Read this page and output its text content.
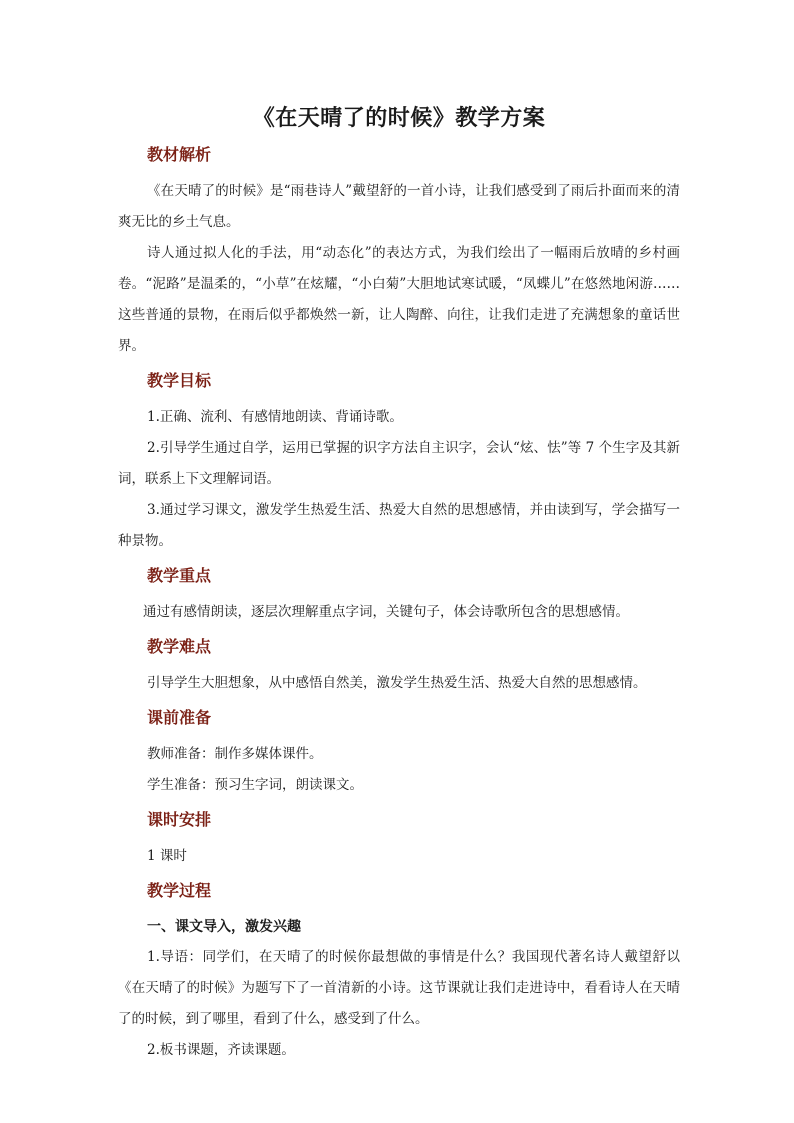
《在天晴了的时候》教学方案
教材解析

《在天晴了的时候》是“雨巷诗人”戴望舒的一首小诗，让我们感受到了雨后扑面而来的清爽无比的乡土气息。

诗人通过拟人化的手法，用“动态化”的表达方式，为我们绘出了一幅雨后放晴的乡村画卷。“泥路”是温柔的，“小草”在炫耀，“小白菊”大胆地试寒试暖，“凤蝶儿”在悠然地闲游……这些普通的景物，在雨后似乎都焕然一新，让人陶醉、向往，让我们走进了充满想象的童话世界。

教学目标

1.正确、流利、有感情地朗读、背诵诗歌。

2.引导学生通过自学，运用已掌握的识字方法自主识字，会认“炫、怯”等 7 个生字及其新词，联系上下文理解词语。

3.通过学习课文，激发学生热爱生活、热爱大自然的思想感情，并由读到写，学会描写一种景物。

教学重点

通过有感情朗读，逐层次理解重点字词，关键句子，体会诗歌所包含的思想感情。

教学难点

引导学生大胆想象，从中感悟自然美，激发学生热爱生活、热爱大自然的思想感情。

课前准备

教师准备：制作多媒体课件。

学生准备：预习生字词，朗读课文。

课时安排

1 课时

教学过程

一、课文导入，激发兴趣

1.导语：同学们，在天晴了的时候你最想做的事情是什么？我国现代著名诗人戴望舒以《在天晴了的时候》为题写下了一首清新的小诗。这节课就让我们走进诗中，看看诗人在天晴了的时候，到了哪里，看到了什么，感受到了什么。

2.板书课题，齐读课题。
